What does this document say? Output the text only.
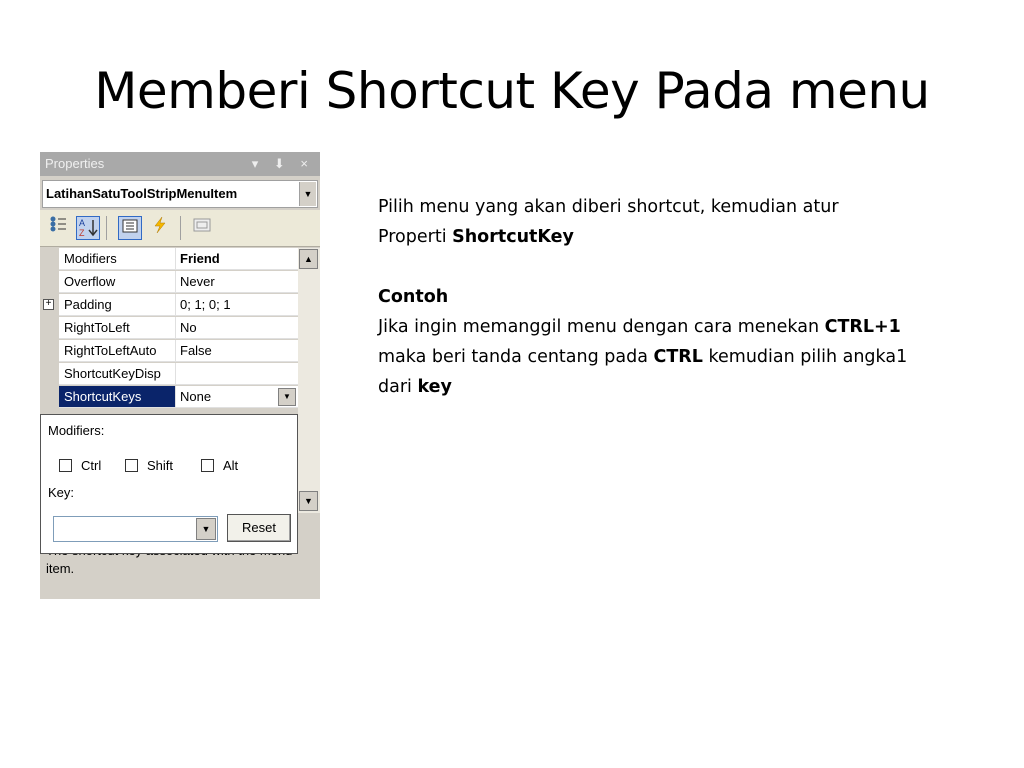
Memberi Shortcut Key Pada menu
Properties	▾ ⬇ ×
LatihanSatuToolStripMenuItem	▼
A
Z
Modifiers	Friend
Overflow	Never
+ Padding	0; 1; 0; 1
RightToLeft	No
RightToLeftAuto	False
ShortcutKeyDisp
ShortcutKeys	None	▼
▲
▼
item.
Modifiers:
Ctrl	Shift	Alt
Key:
▼	Reset

Pilih menu yang akan diberi shortcut, kemudian atur

Properti ShortcutKey

Contoh

Jika ingin memanggil menu dengan cara menekan CTRL+1

maka beri tanda centang pada CTRL kemudian pilih angka1

dari key
